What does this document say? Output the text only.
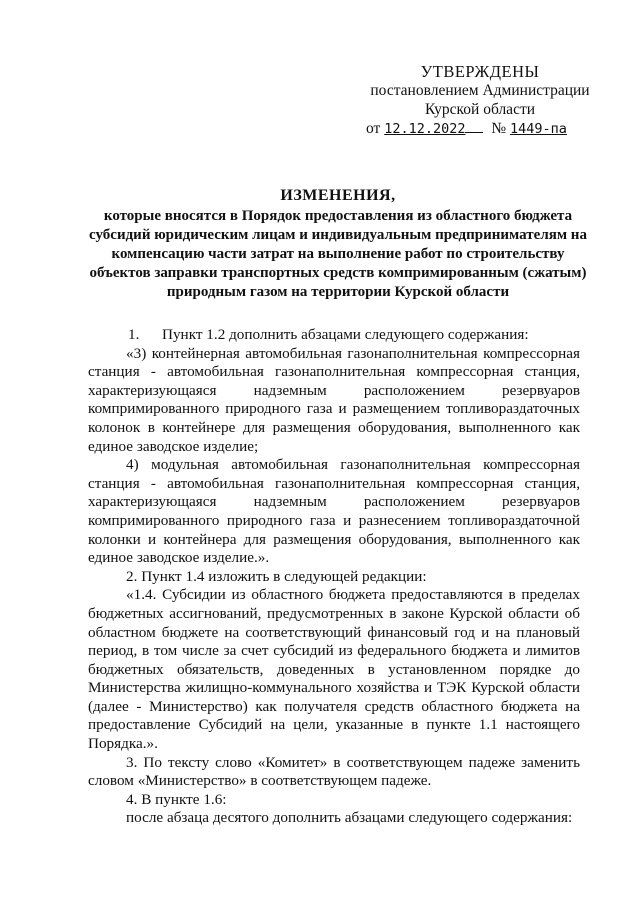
УТВЕРЖДЕНЫ
постановлением Администрации
Курской области
от 12.12.2022 № 1449-па
ИЗМЕНЕНИЯ,
которые вносятся в Порядок предоставления из областного бюджета субсидий юридическим лицам и индивидуальным предпринимателям на компенсацию части затрат на выполнение работ по строительству объектов заправки транспортных средств компримированным (сжатым) природным газом на территории Курской области

1. Пункт 1.2 дополнить абзацами следующего содержания:

«3) контейнерная автомобильная газонаполнительная компрессорная станция - автомобильная газонаполнительная компрессорная станция, характеризующаяся надземным расположением резервуаров компримированного природного газа и размещением топливораздаточных колонок в контейнере для размещения оборудования, выполненного как единое заводское изделие;

4) модульная автомобильная газонаполнительная компрессорная станция - автомобильная газонаполнительная компрессорная станция, характеризующаяся надземным расположением резервуаров компримированного природного газа и разнесением топливораздаточной колонки и контейнера для размещения оборудования, выполненного как единое заводское изделие.».

2. Пункт 1.4 изложить в следующей редакции:

«1.4. Субсидии из областного бюджета предоставляются в пределах бюджетных ассигнований, предусмотренных в законе Курской области об областном бюджете на соответствующий финансовый год и на плановый период, в том числе за счет субсидий из федерального бюджета и лимитов бюджетных обязательств, доведенных в установленном порядке до Министерства жилищно-коммунального хозяйства и ТЭК Курской области (далее - Министерство) как получателя средств областного бюджета на предоставление Субсидий на цели, указанные в пункте 1.1 настоящего Порядка.».

3. По тексту слово «Комитет» в соответствующем падеже заменить словом «Министерство» в соответствующем падеже.

4. В пункте 1.6:

после абзаца десятого дополнить абзацами следующего содержания:
